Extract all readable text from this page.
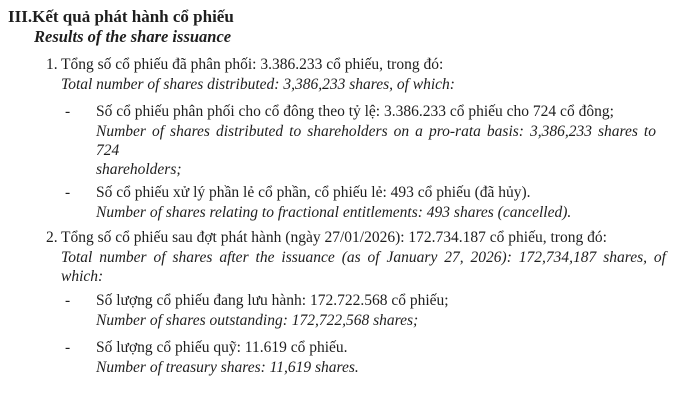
III.Kết quả phát hành cổ phiếu
Results of the share issuance
1. Tổng số cổ phiếu đã phân phối: 3.386.233 cổ phiếu, trong đó:
Total number of shares distributed: 3,386,233 shares, of which:
-	Số cổ phiếu phân phối cho cổ đông theo tỷ lệ: 3.386.233 cổ phiếu cho 724 cổ đông;
Number of shares distributed to shareholders on a pro-rata basis: 3,386,233 shares to 724
shareholders;
-	Số cổ phiếu xử lý phần lẻ cổ phần, cổ phiếu lẻ: 493 cổ phiếu (đã hủy).
Number of shares relating to fractional entitlements: 493 shares (cancelled).
2. Tổng số cổ phiếu sau đợt phát hành (ngày 27/01/2026): 172.734.187 cổ phiếu, trong đó:
Total number of shares after the issuance (as of January 27, 2026): 172,734,187 shares, of
which:
-	Số lượng cổ phiếu đang lưu hành: 172.722.568 cổ phiếu;
Number of shares outstanding: 172,722,568 shares;
-	Số lượng cổ phiếu quỹ: 11.619 cổ phiếu.
Number of treasury shares: 11,619 shares.
